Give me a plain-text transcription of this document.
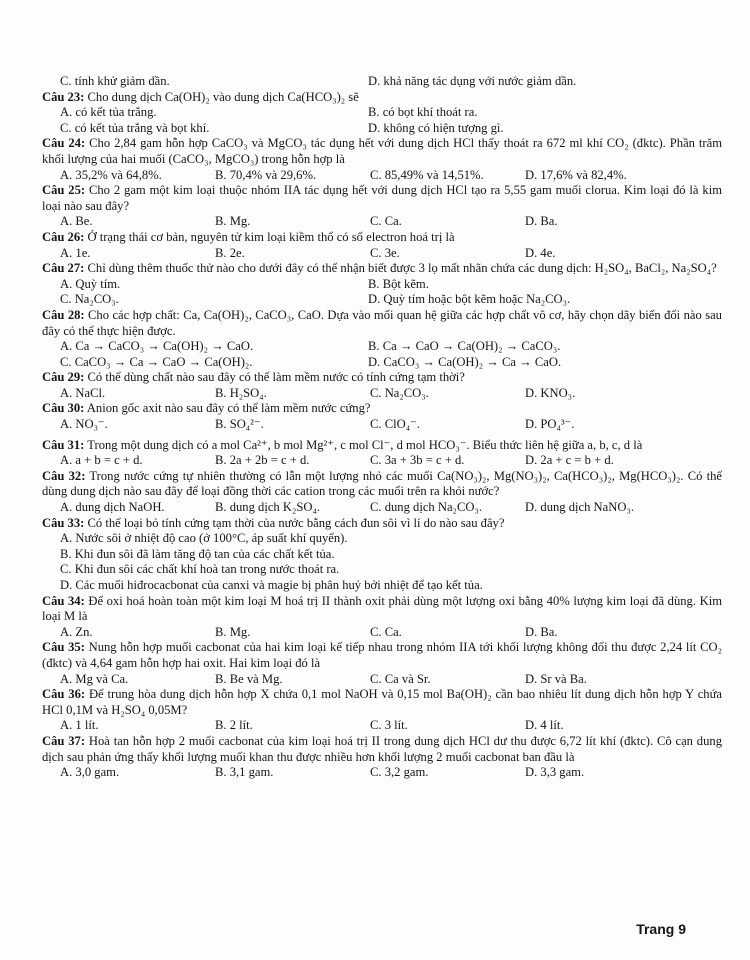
C. tính khử giảm dần.	D. khả năng tác dụng với nước giảm dần.
Câu 23: Cho dung dịch Ca(OH)₂ vào dung dịch Ca(HCO₃)₂ sẽ
A. có kết tủa trắng.	B. có bọt khí thoát ra.
C. có kết tủa trắng và bọt khí.	D. không có hiện tượng gì.
Câu 24: Cho 2,84 gam hỗn hợp CaCO₃ và MgCO₃ tác dụng hết với dung dịch HCl thấy thoát ra 672 ml khí CO₂ (đktc). Phần trăm khối lượng của hai muối (CaCO₃, MgCO₃) trong hỗn hợp là
A. 35,2% và 64,8%.	B. 70,4% và 29,6%.	C. 85,49% và 14,51%.	D. 17,6% và 82,4%.
Câu 25: Cho 2 gam một kim loại thuộc nhóm IIA tác dụng hết với dung dịch HCl tạo ra 5,55 gam muối clorua. Kim loại đó là kim loại nào sau đây?
A. Be.	B. Mg.	C. Ca.	D. Ba.
Câu 26: Ở trạng thái cơ bản, nguyên tử kim loại kiềm thổ có số electron hoá trị là
A. 1e.	B. 2e.	C. 3e.	D. 4e.
Câu 27: Chỉ dùng thêm thuốc thử nào cho dưới đây có thể nhận biết được 3 lọ mất nhãn chứa các dung dịch: H₂SO₄, BaCl₂, Na₂SO₄?
A. Quỳ tím.	B. Bột kẽm.
C. Na₂CO₃.	D. Quỳ tím hoặc bột kẽm hoặc Na₂CO₃.
Câu 28: Cho các hợp chất: Ca, Ca(OH)₂, CaCO₃, CaO. Dựa vào mối quan hệ giữa các hợp chất vô cơ, hãy chọn dãy biến đổi nào sau đây có thể thực hiện được.
A. Ca → CaCO₃ → Ca(OH)₂ → CaO.	B. Ca → CaO → Ca(OH)₂ → CaCO₃.
C. CaCO₃ → Ca → CaO → Ca(OH)₂.	D. CaCO₃ → Ca(OH)₂ → Ca → CaO.
Câu 29: Có thể dùng chất nào sau đây có thể làm mềm nước có tính cứng tạm thời?
A. NaCl.	B. H₂SO₄.	C. Na₂CO₃.	D. KNO₃.
Câu 30: Anion gốc axit nào sau đây có thể làm mềm nước cứng?
A. NO₃⁻.	B. SO₄²⁻.	C. ClO₄⁻.	D. PO₄³⁻.
Câu 31: Trong một dung dịch có a mol Ca²⁺, b mol Mg²⁺, c mol Cl⁻, d mol HCO₃⁻. Biểu thức liên hệ giữa a, b, c, d là
A. a + b = c + d.	B. 2a + 2b = c + d.	C. 3a + 3b = c + d.	D. 2a + c = b + d.
Câu 32: Trong nước cứng tự nhiên thường có lẫn một lượng nhỏ các muối Ca(NO₃)₂, Mg(NO₃)₂, Ca(HCO₃)₂, Mg(HCO₃)₂. Có thể dùng dung dịch nào sau đây để loại đồng thời các cation trong các muối trên ra khỏi nước?
A. dung dịch NaOH.	B. dung dịch K₂SO₄.	C. dung dịch Na₂CO₃.	D. dung dịch NaNO₃.
Câu 33: Có thể loại bỏ tính cứng tạm thời của nước bằng cách đun sôi vì lí do nào sau đây?
A. Nước sôi ở nhiệt độ cao (ở 100°C, áp suất khí quyển). B. Khi đun sôi đã làm tăng độ tan của các chất kết tủa.
C. Khi đun sôi các chất khí hoà tan trong nước thoát ra.
D. Các muối hiđrocacbonat của canxi và magie bị phân huỷ bởi nhiệt để tạo kết tủa.
Câu 34: Để oxi hoá hoàn toàn một kim loại M hoá trị II thành oxit phải dùng một lượng oxi bằng 40% lượng kim loại đã dùng. Kim loại M là
A. Zn.	B. Mg.	C. Ca.	D. Ba.
Câu 35: Nung hỗn hợp muối cacbonat của hai kim loại kế tiếp nhau trong nhóm IIA tới khối lượng không đổi thu được 2,24 lít CO₂ (đktc) và 4,64 gam hỗn hợp hai oxit. Hai kim loại đó là
A. Mg và Ca.	B. Be và Mg.	C. Ca và Sr.	D. Sr và Ba.
Câu 36: Để trung hòa dung dịch hỗn hợp X chứa 0,1 mol NaOH và 0,15 mol Ba(OH)₂ cần bao nhiêu lít dung dịch hỗn hợp Y chứa HCl 0,1M và H₂SO₄ 0,05M?
A. 1 lít.	B. 2 lít.	C. 3 lít.	D. 4 lít.
Câu 37: Hoà tan hỗn hợp 2 muối cacbonat của kim loại hoá trị II trong dung dịch HCl dư thu được 6,72 lít khí (đktc). Cô cạn dung dịch sau phản ứng thấy khối lượng muối khan thu được nhiều hơn khối lượng 2 muối cacbonat ban đầu là
A. 3,0 gam.	B. 3,1 gam.	C. 3,2 gam.	D. 3,3 gam.
Trang 9
